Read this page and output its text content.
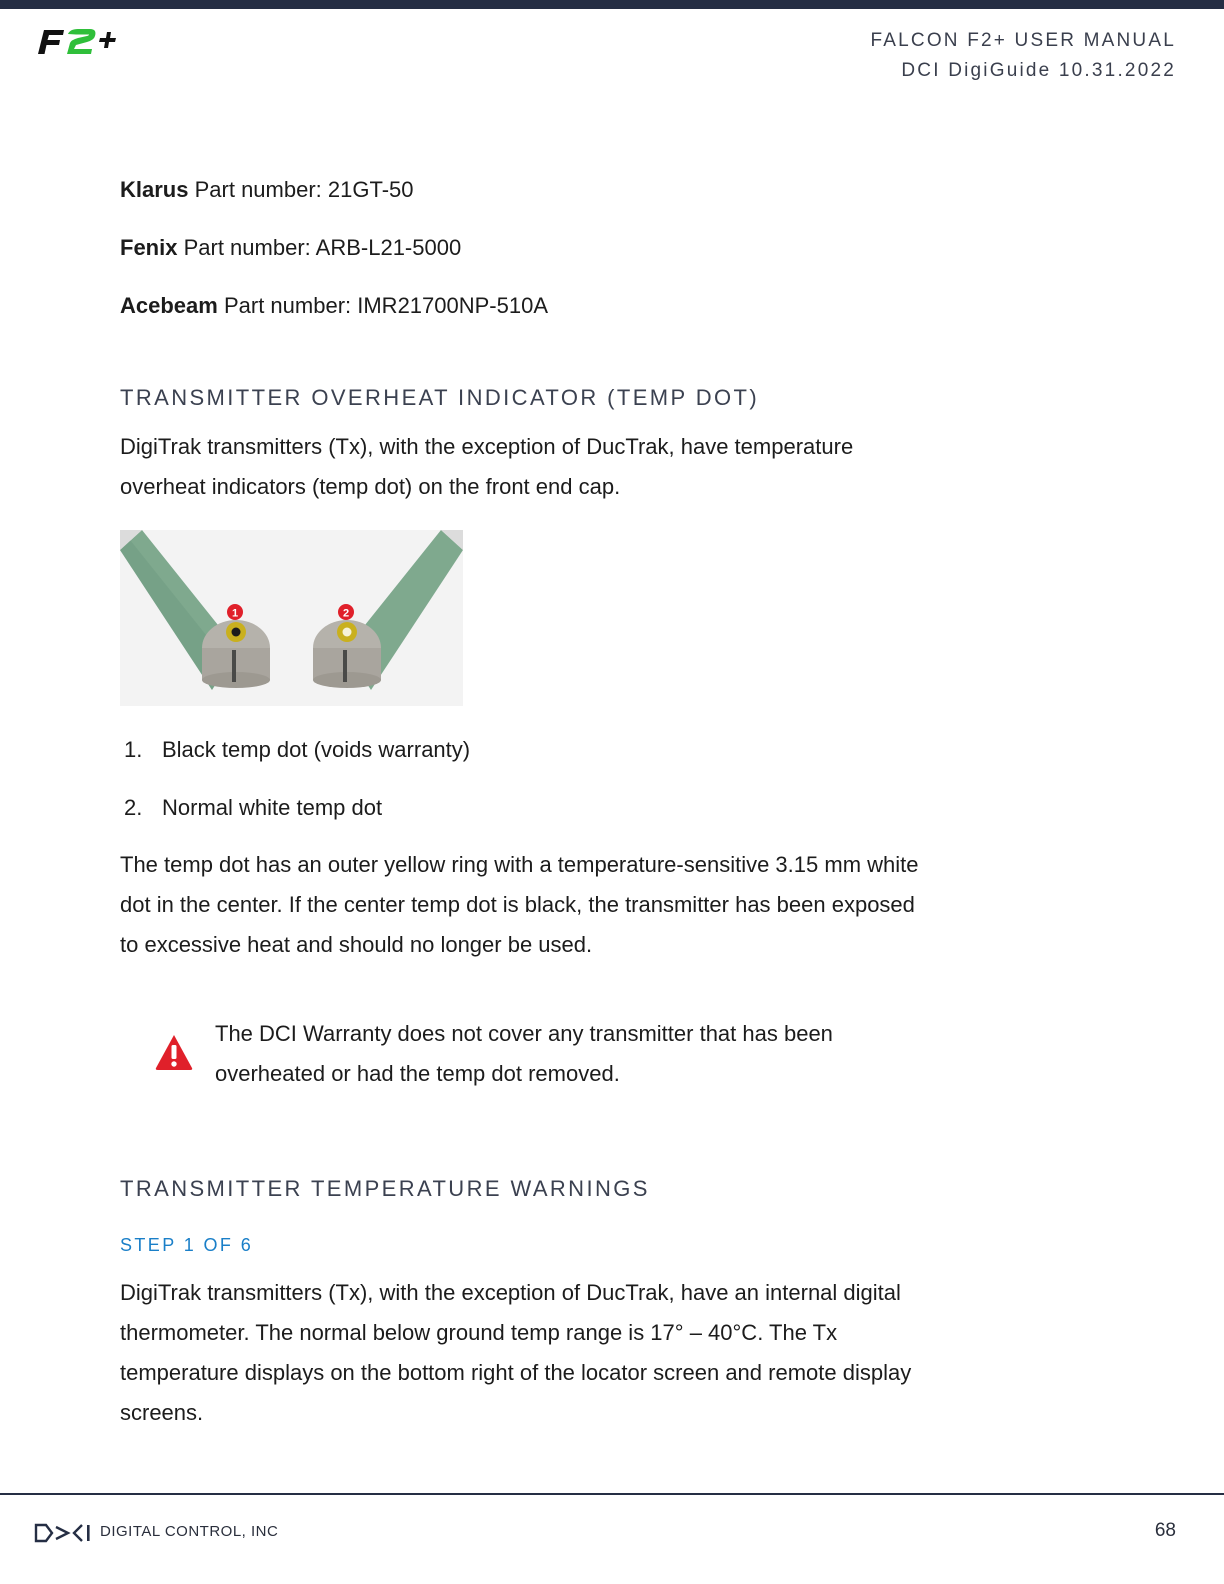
FALCON F2+ USER MANUAL
DCI DigiGuide 10.31.2022
Klarus Part number: 21GT-50
Fenix Part number: ARB-L21-5000
Acebeam Part number: IMR21700NP-510A
TRANSMITTER OVERHEAT INDICATOR (TEMP DOT)
DigiTrak transmitters (Tx), with the exception of DucTrak, have temperature overheat indicators (temp dot) on the front end cap.
1	2
1. Black temp dot (voids warranty)
2. Normal white temp dot
The temp dot has an outer yellow ring with a temperature-sensitive 3.15 mm white dot in the center. If the center temp dot is black, the transmitter has been exposed to excessive heat and should no longer be used.
The DCI Warranty does not cover any transmitter that has been overheated or had the temp dot removed.
TRANSMITTER TEMPERATURE WARNINGS
STEP 1 OF 6
DigiTrak transmitters (Tx), with the exception of DucTrak, have an internal digital thermometer. The normal below ground temp range is 17° – 40°C. The Tx temperature displays on the bottom right of the locator screen and remote display screens.
DIGITAL CONTROL, INC	68
